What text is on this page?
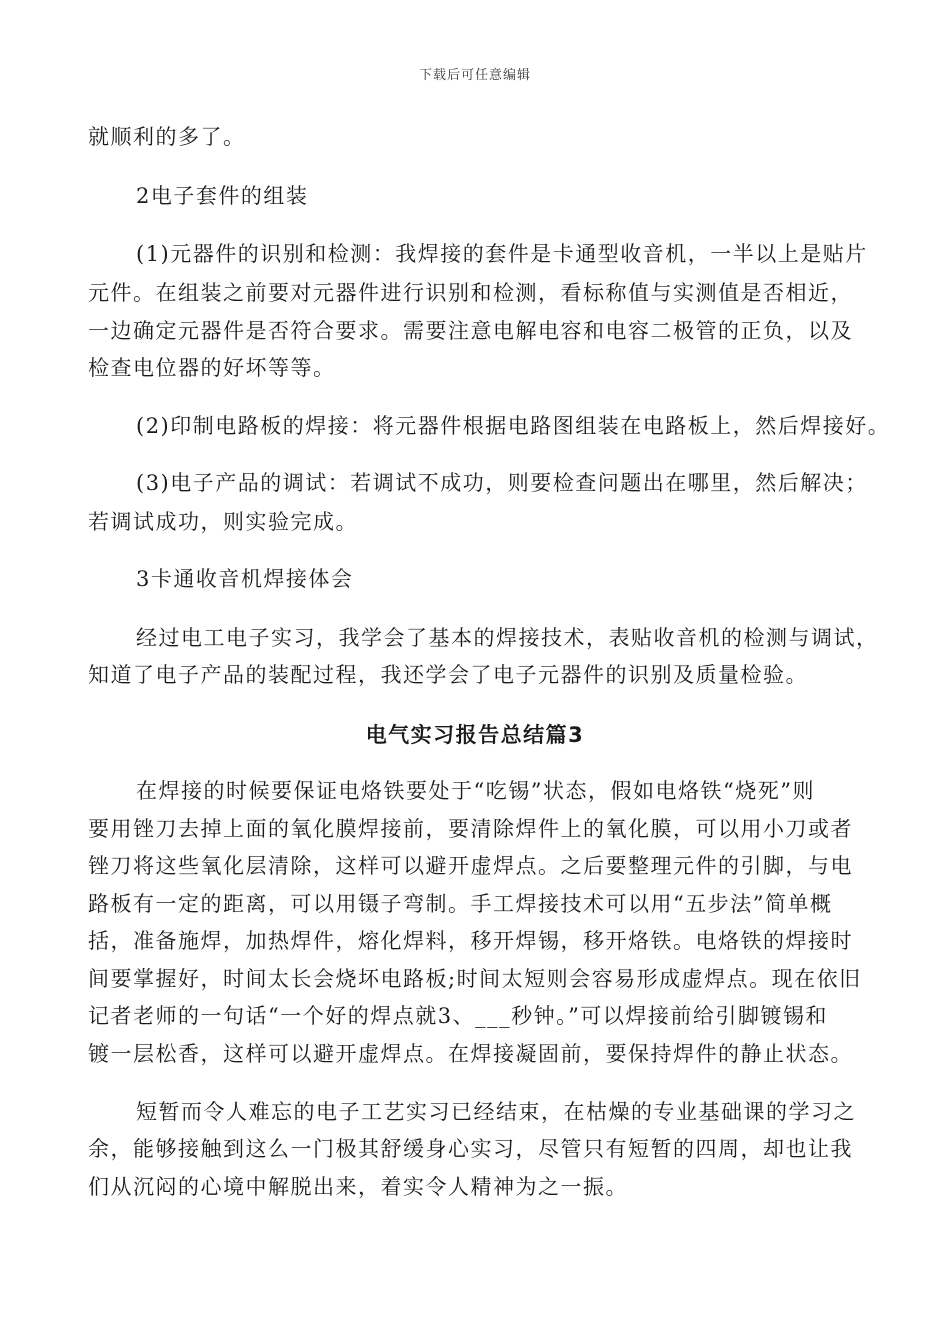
下载后可任意编辑
就顺利的多了。
2电子套件的组装
(1)元器件的识别和检测：我焊接的套件是卡通型收音机，一半以上是贴片
元件。在组装之前要对元器件进行识别和检测，看标称值与实测值是否相近，
一边确定元器件是否符合要求。需要注意电解电容和电容二极管的正负，以及
检查电位器的好坏等等。
(2)印制电路板的焊接：将元器件根据电路图组装在电路板上，然后焊接好。
(3)电子产品的调试：若调试不成功，则要检查问题出在哪里，然后解决；
若调试成功，则实验完成。
3卡通收音机焊接体会
经过电工电子实习，我学会了基本的焊接技术，表贴收音机的检测与调试，
知道了电子产品的装配过程，我还学会了电子元器件的识别及质量检验。
电气实习报告总结篇3
在焊接的时候要保证电烙铁要处于“吃锡”状态，假如电烙铁“烧死”则
要用锉刀去掉上面的氧化膜焊接前，要清除焊件上的氧化膜，可以用小刀或者
锉刀将这些氧化层清除，这样可以避开虚焊点。之后要整理元件的引脚，与电
路板有一定的距离，可以用镊子弯制。手工焊接技术可以用“五步法”简单概
括，准备施焊，加热焊件，熔化焊料，移开焊锡，移开烙铁。电烙铁的焊接时
间要掌握好，时间太长会烧坏电路板;时间太短则会容易形成虚焊点。现在依旧
记者老师的一句话“一个好的焊点就3、___秒钟。”可以焊接前给引脚镀锡和
镀一层松香，这样可以避开虚焊点。在焊接凝固前，要保持焊件的静止状态。
短暂而令人难忘的电子工艺实习已经结束，在枯燥的专业基础课的学习之
余，能够接触到这么一门极其舒缓身心实习，尽管只有短暂的四周，却也让我
们从沉闷的心境中解脱出来，着实令人精神为之一振。
